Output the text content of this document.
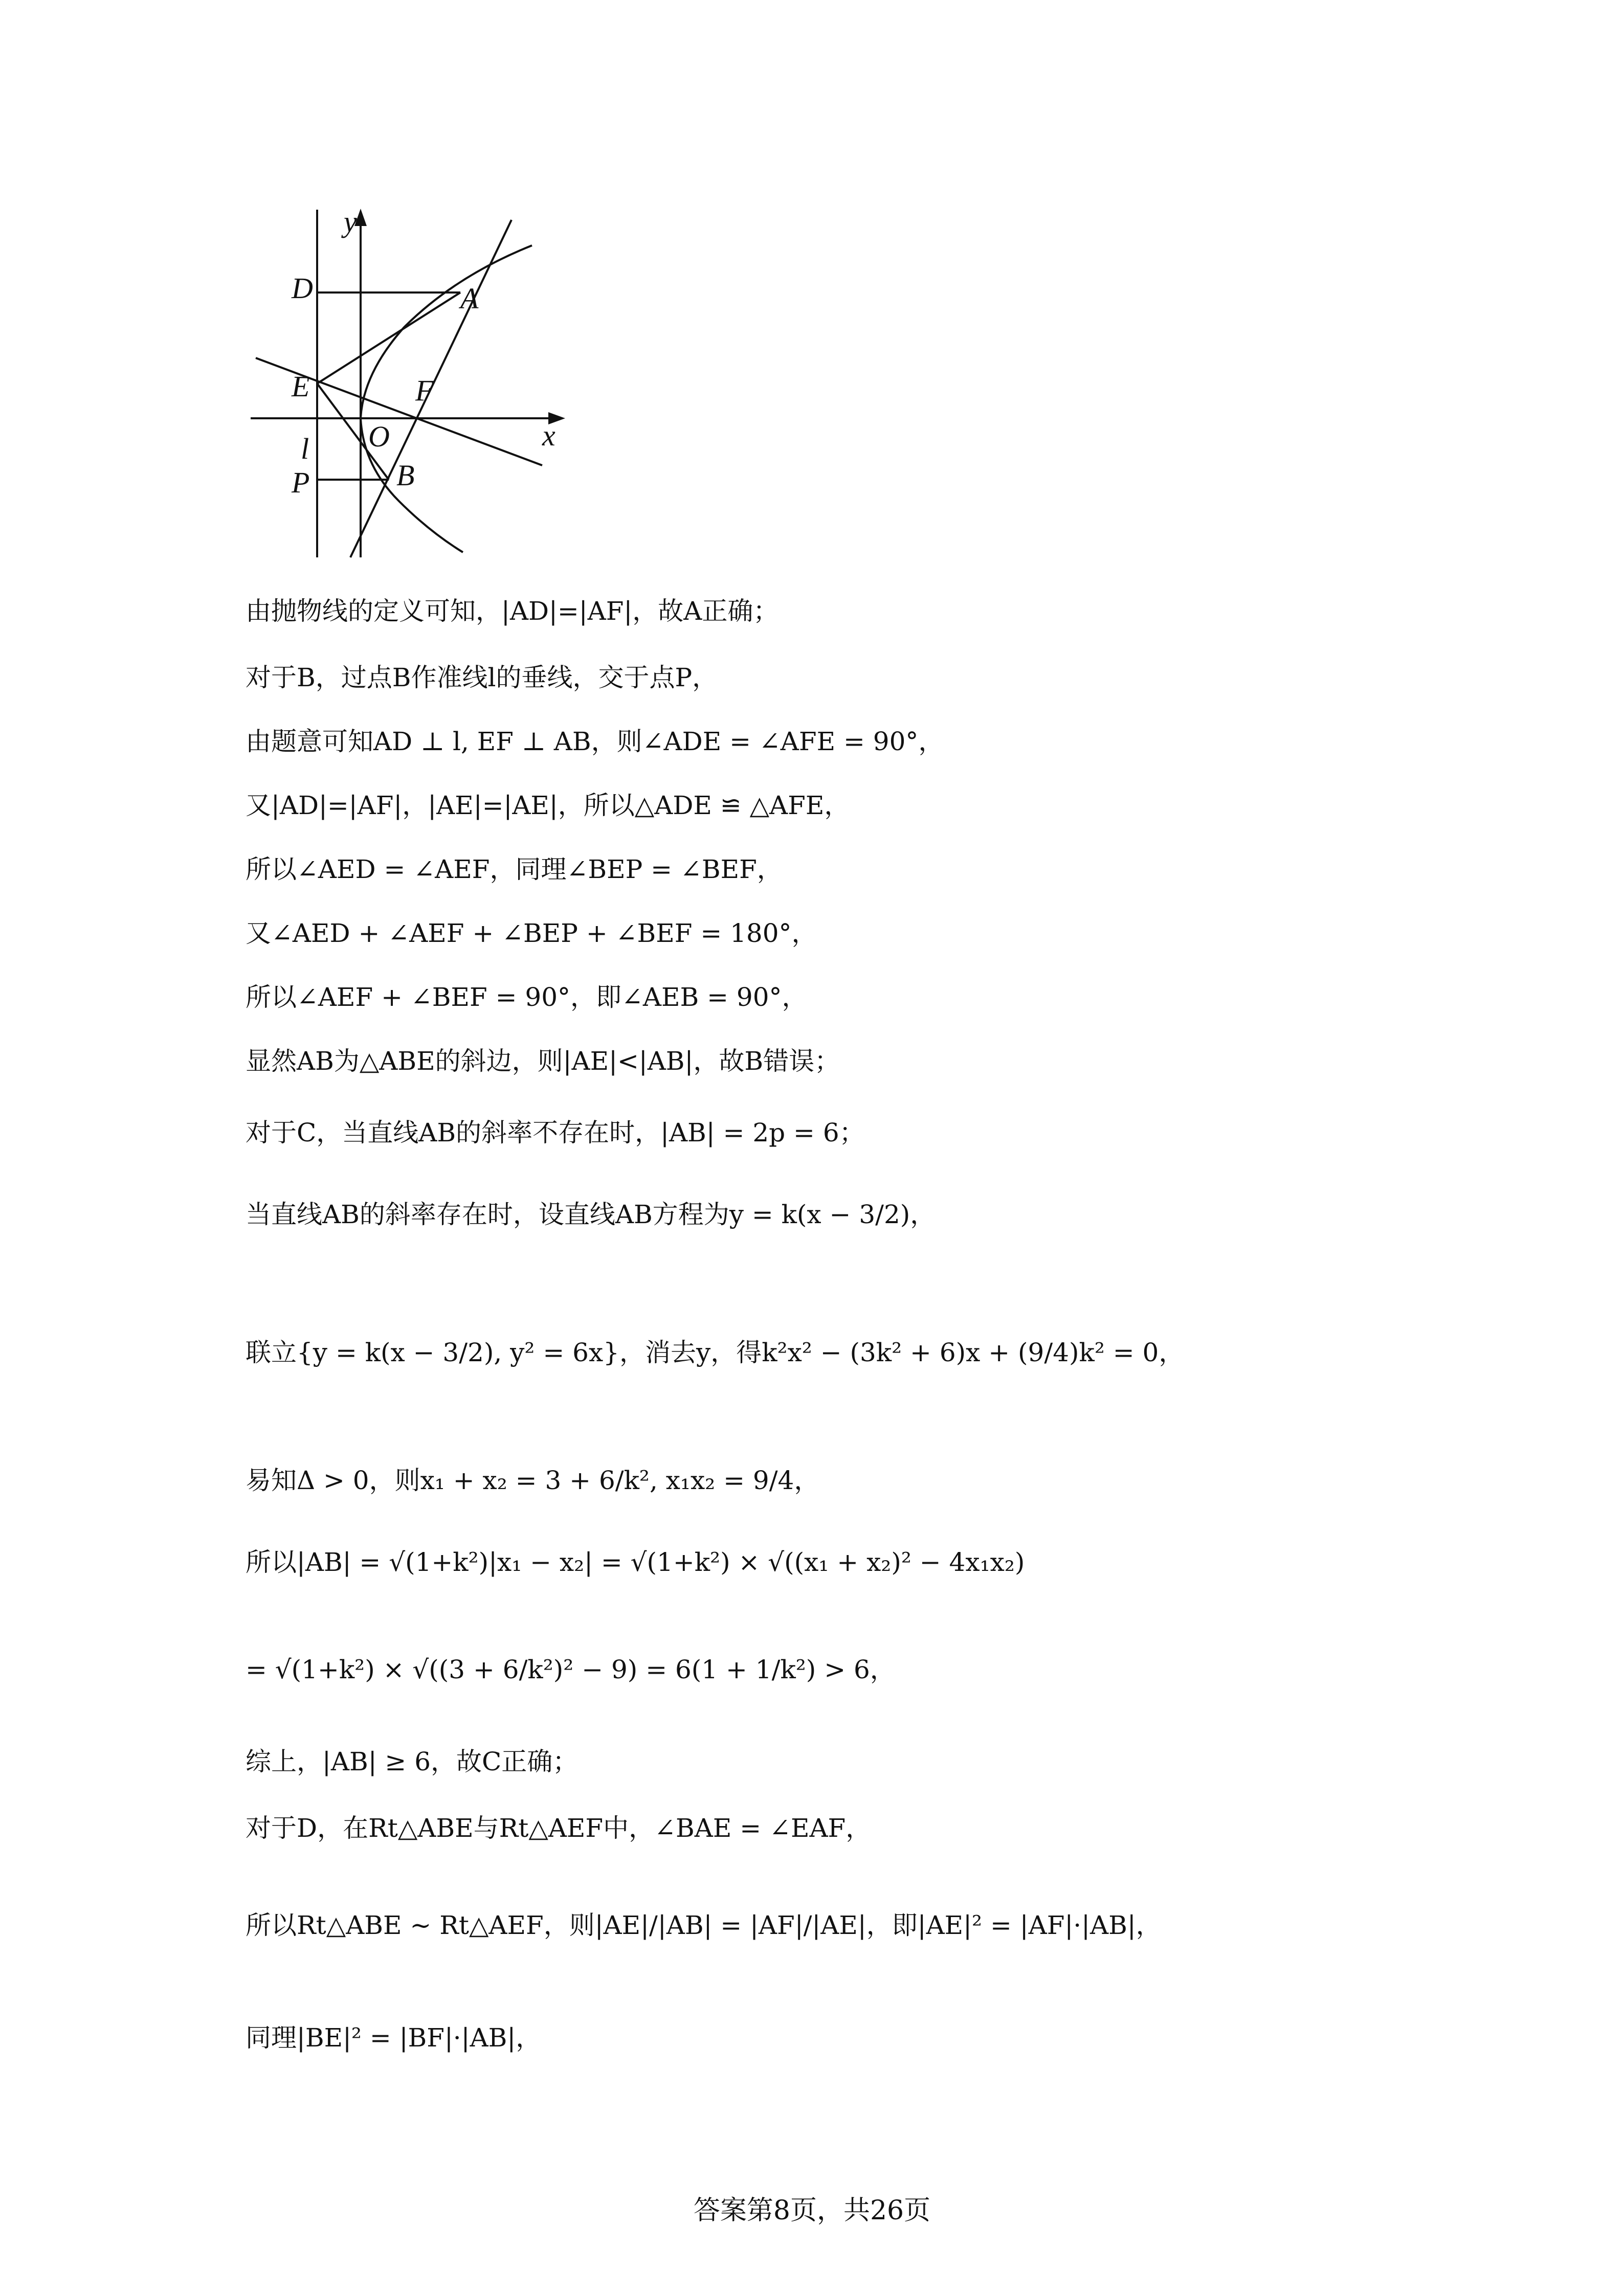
y
x
D	A
E	F
O
l
P	B
由抛物线的定义可知，|AD|=|AF|，故A正确；
对于B，过点B作准线l的垂线，交于点P，
由题意可知AD ⊥ l, EF ⊥ AB，则∠ADE = ∠AFE = 90°，
又|AD|=|AF|，|AE|=|AE|，所以△ADE ≌ △AFE，
所以∠AED = ∠AEF，同理∠BEP = ∠BEF，
又∠AED + ∠AEF + ∠BEP + ∠BEF = 180°，
所以∠AEF + ∠BEF = 90°，即∠AEB = 90°，
显然AB为△ABE的斜边，则|AE|<|AB|，故B错误；
对于C，当直线AB的斜率不存在时，|AB| = 2p = 6；
当直线AB的斜率存在时，设直线AB方程为y = k(x − 3/2)，
联立{y = k(x − 3/2), y² = 6x}，消去y，得k²x² − (3k² + 6)x + (9/4)k² = 0，
易知Δ > 0，则x₁ + x₂ = 3 + 6/k², x₁x₂ = 9/4，
所以|AB| = √(1+k²)|x₁ − x₂| = √(1+k²) × √((x₁ + x₂)² − 4x₁x₂)
= √(1+k²) × √((3 + 6/k²)² − 9) = 6(1 + 1/k²) > 6，
综上，|AB| ≥ 6，故C正确；
对于D，在Rt△ABE与Rt△AEF中，∠BAE = ∠EAF，
所以Rt△ABE ∼ Rt△AEF，则|AE|/|AB| = |AF|/|AE|，即|AE|² = |AF|·|AB|，
同理|BE|² = |BF|·|AB|，
答案第8页，共26页
